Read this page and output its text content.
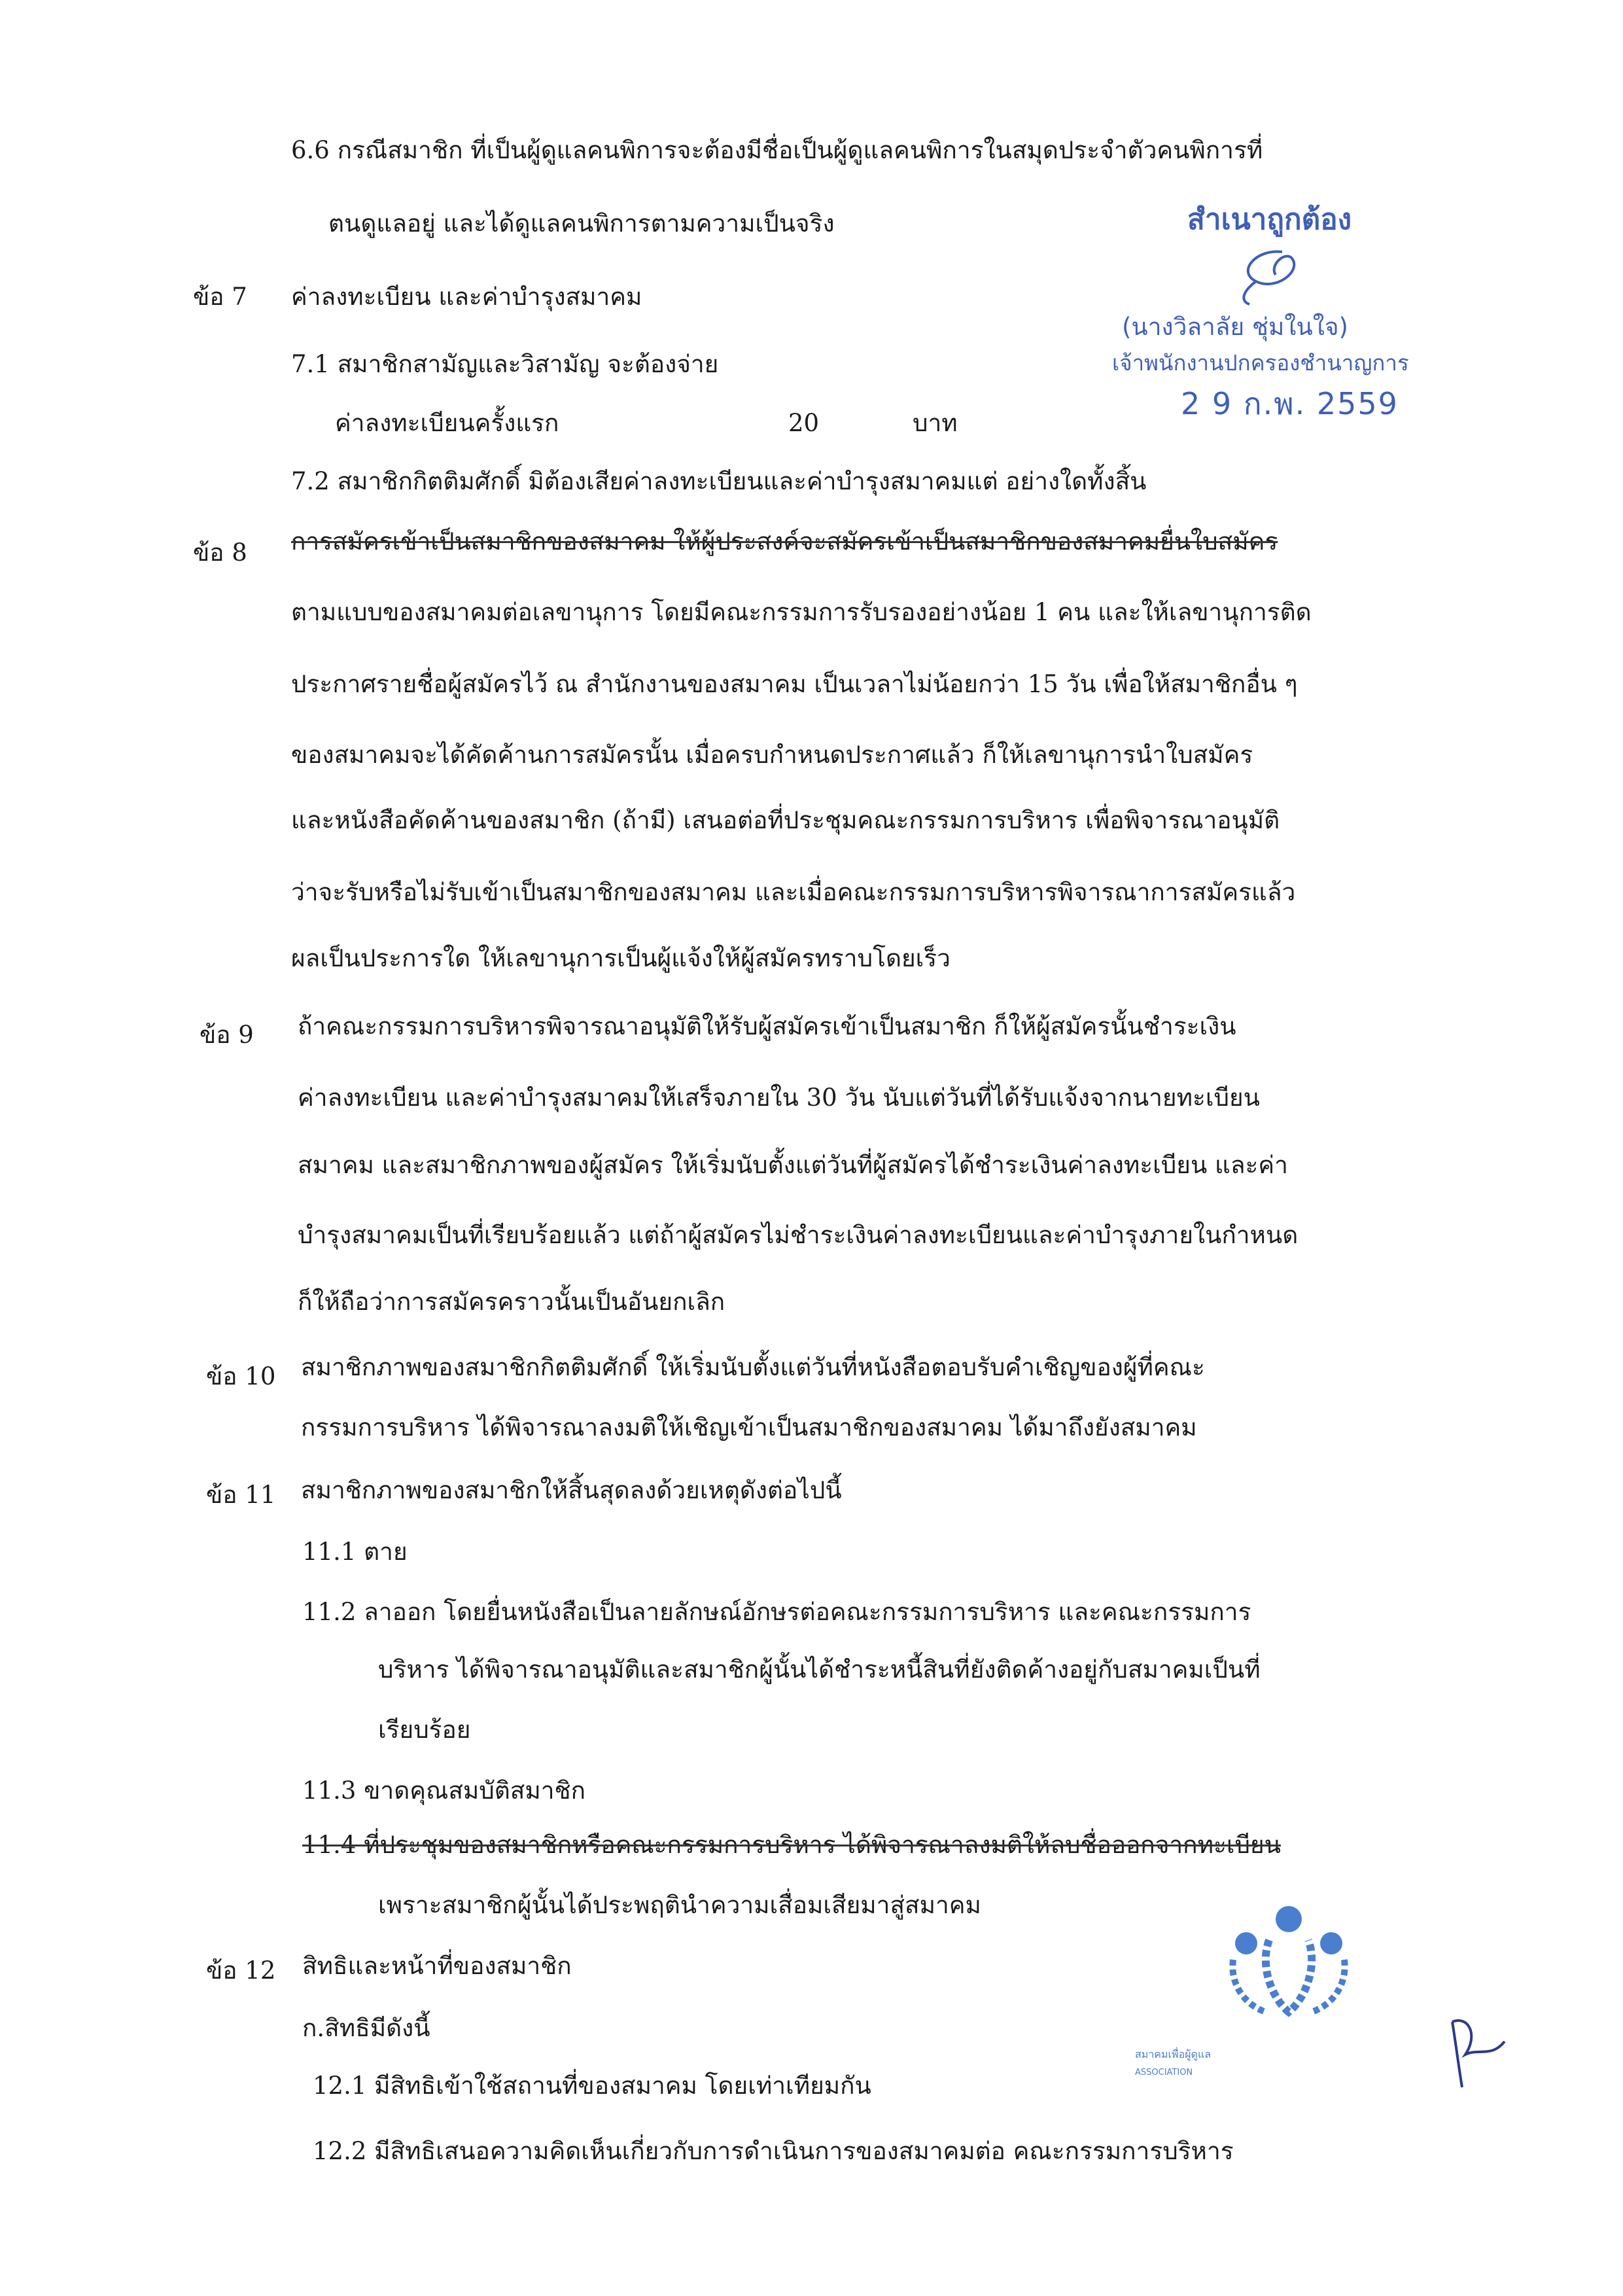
6.6 กรณีสมาชิก ที่เป็นผู้ดูแลคนพิการจะต้องมีชื่อเป็นผู้ดูแลคนพิการในสมุดประจำตัวคนพิการที่
ตนดูแลอยู่ และได้ดูแลคนพิการตามความเป็นจริง
ข้อ 7 ค่าลงทะเบียน และค่าบำรุงสมาคม
7.1 สมาชิกสามัญและวิสามัญ จะต้องจ่าย
ค่าลงทะเบียนครั้งแรก	20	บาท
7.2 สมาชิกกิตติมศักดิ์ มิต้องเสียค่าลงทะเบียนและค่าบำรุงสมาคมแต่ อย่างใดทั้งสิ้น
ข้อ 8 การสมัครเข้าเป็นสมาชิกของสมาคม ให้ผู้ประสงค์จะสมัครเข้าเป็นสมาชิกของสมาคมยื่นใบสมัคร
ตามแบบของสมาคมต่อเลขานุการ โดยมีคณะกรรมการรับรองอย่างน้อย 1 คน และให้เลขานุการติด
ประกาศรายชื่อผู้สมัครไว้ ณ สำนักงานของสมาคม เป็นเวลาไม่น้อยกว่า 15 วัน เพื่อให้สมาชิกอื่น ๆ
ของสมาคมจะได้คัดค้านการสมัครนั้น เมื่อครบกำหนดประกาศแล้ว ก็ให้เลขานุการนำใบสมัคร
และหนังสือคัดค้านของสมาชิก (ถ้ามี) เสนอต่อที่ประชุมคณะกรรมการบริหาร เพื่อพิจารณาอนุมัติ
ว่าจะรับหรือไม่รับเข้าเป็นสมาชิกของสมาคม และเมื่อคณะกรรมการบริหารพิจารณาการสมัครแล้ว
ผลเป็นประการใด ให้เลขานุการเป็นผู้แจ้งให้ผู้สมัครทราบโดยเร็ว
ข้อ 9 ถ้าคณะกรรมการบริหารพิจารณาอนุมัติให้รับผู้สมัครเข้าเป็นสมาชิก ก็ให้ผู้สมัครนั้นชำระเงิน
ค่าลงทะเบียน และค่าบำรุงสมาคมให้เสร็จภายใน 30 วัน นับแต่วันที่ได้รับแจ้งจากนายทะเบียน
สมาคม และสมาชิกภาพของผู้สมัคร ให้เริ่มนับตั้งแต่วันที่ผู้สมัครได้ชำระเงินค่าลงทะเบียน และค่า
บำรุงสมาคมเป็นที่เรียบร้อยแล้ว แต่ถ้าผู้สมัครไม่ชำระเงินค่าลงทะเบียนและค่าบำรุงภายในกำหนด
ก็ให้ถือว่าการสมัครคราวนั้นเป็นอันยกเลิก
ข้อ 10 สมาชิกภาพของสมาชิกกิตติมศักดิ์ ให้เริ่มนับตั้งแต่วันที่หนังสือตอบรับคำเชิญของผู้ที่คณะ
กรรมการบริหาร ได้พิจารณาลงมติให้เชิญเข้าเป็นสมาชิกของสมาคม ได้มาถึงยังสมาคม
ข้อ 11 สมาชิกภาพของสมาชิกให้สิ้นสุดลงด้วยเหตุดังต่อไปนี้
11.1 ตาย
11.2 ลาออก โดยยื่นหนังสือเป็นลายลักษณ์อักษรต่อคณะกรรมการบริหาร และคณะกรรมการ
บริหาร ได้พิจารณาอนุมัติและสมาชิกผู้นั้นได้ชำระหนี้สินที่ยังติดค้างอยู่กับสมาคมเป็นที่
เรียบร้อย
11.3 ขาดคุณสมบัติสมาชิก
11.4 ที่ประชุมของสมาชิกหรือคณะกรรมการบริหาร ได้พิจารณาลงมติให้ลบชื่อออกจากทะเบียน
เพราะสมาชิกผู้นั้นได้ประพฤตินำความเสื่อมเสียมาสู่สมาคม
ข้อ 12 สิทธิและหน้าที่ของสมาชิก
ก.สิทธิมีดังนี้
12.1 มีสิทธิเข้าใช้สถานที่ของสมาคม โดยเท่าเทียมกัน
12.2 มีสิทธิเสนอความคิดเห็นเกี่ยวกับการดำเนินการของสมาคมต่อ คณะกรรมการบริหาร
สำเนาถูกต้อง
(นางวิลาลัย ชุ่มในใจ)
เจ้าพนักงานปกครองชำนาญการ
2 9 ก.พ. 2559
สมาคมเพื่อผู้ดูแล
ASSOCIATION
